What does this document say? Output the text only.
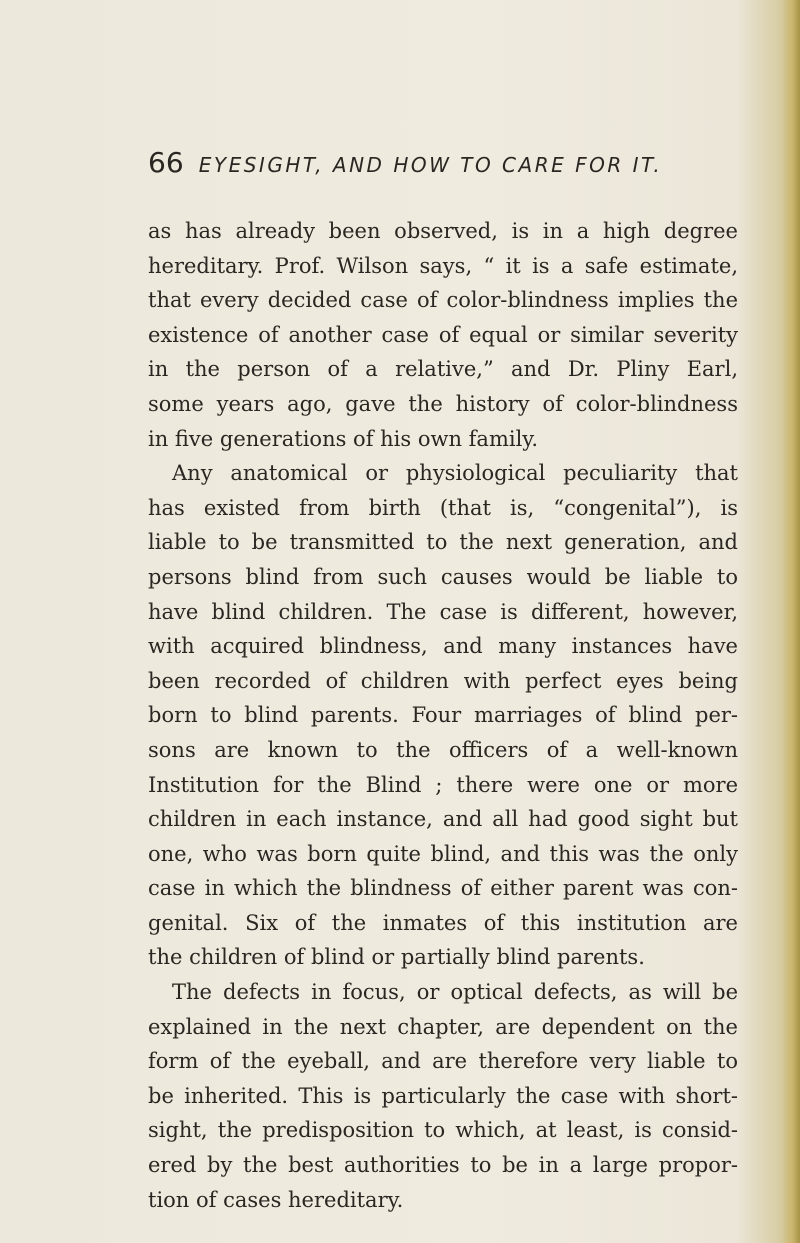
66 EYESIGHT, AND HOW TO CARE FOR IT.
as has already been observed, is in a high degree
hereditary. Prof. Wilson says, “ it is a safe estimate,
that every decided case of color-blindness implies the
existence of another case of equal or similar severity
in the person of a relative,” and Dr. Pliny Earl,
some years ago, gave the history of color-blindness
in five generations of his own family.
Any anatomical or physiological peculiarity that
has existed from birth (that is, “congenital”), is
liable to be transmitted to the next generation, and
persons blind from such causes would be liable to
have blind children. The case is different, however,
with acquired blindness, and many instances have
been recorded of children with perfect eyes being
born to blind parents. Four marriages of blind per-
sons are known to the officers of a well-known
Institution for the Blind ; there were one or more
children in each instance, and all had good sight but
one, who was born quite blind, and this was the only
case in which the blindness of either parent was con-
genital. Six of the inmates of this institution are
the children of blind or partially blind parents.
The defects in focus, or optical defects, as will be
explained in the next chapter, are dependent on the
form of the eyeball, and are therefore very liable to
be inherited. This is particularly the case with short-
sight, the predisposition to which, at least, is consid-
ered by the best authorities to be in a large propor-
tion of cases hereditary.
